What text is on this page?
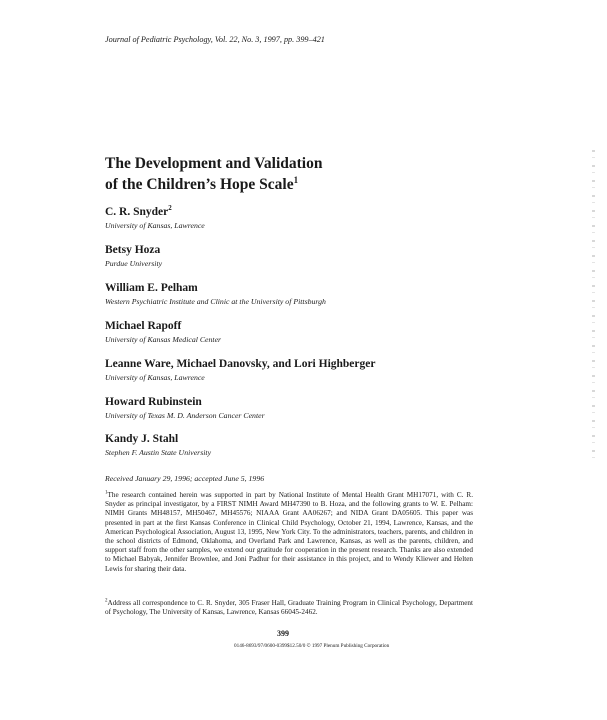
Journal of Pediatric Psychology, Vol. 22, No. 3, 1997, pp. 399–421
The Development and Validation
of the Children’s Hope Scale$^1$
C. R. Snyder$^2$
University of Kansas, Lawrence
Betsy Hoza
Purdue University
William E. Pelham
Western Psychiatric Institute and Clinic at the University of Pittsburgh
Michael Rapoff
University of Kansas Medical Center
Leanne Ware, Michael Danovsky, and Lori Highberger
University of Kansas, Lawrence
Howard Rubinstein
University of Texas M. D. Anderson Cancer Center
Kandy J. Stahl
Stephen F. Austin State University
Received January 29, 1996; accepted June 5, 1996
$^1$The research contained herein was supported in part by National Institute of Mental Health Grant MH17071, with C. R. Snyder as principal investigator, by a FIRST NIMH Award MH47390 to B. Hoza, and the following grants to W. E. Pelham: NIMH Grants MH48157, MH50467, MH45576; NIAAA Grant AA06267; and NIDA Grant DA05605. This paper was presented in part at the first Kansas Conference in Clinical Child Psychology, October 21, 1994, Lawrence, Kansas, and the American Psychological Association, August 13, 1995, New York City. To the administrators, teachers, parents, and children in the school districts of Edmond, Oklahoma, and Overland Park and Lawrence, Kansas, as well as the parents, children, and support staff from the other samples, we extend our gratitude for cooperation in the present research. Thanks are also extended to Michael Babyak, Jennifer Brownlee, and Joni Padhur for their assistance in this project, and to Wendy Kliewer and Helten Lewis for sharing their data.
$^2$Address all correspondence to C. R. Snyder, 305 Fraser Hall, Graduate Training Program in Clinical Psychology, Department of Psychology, The University of Kansas, Lawrence, Kansas 66045-2462.
399
0146-8693/97/0600-0399$12.50/0 © 1997 Plenum Publishing Corporation
